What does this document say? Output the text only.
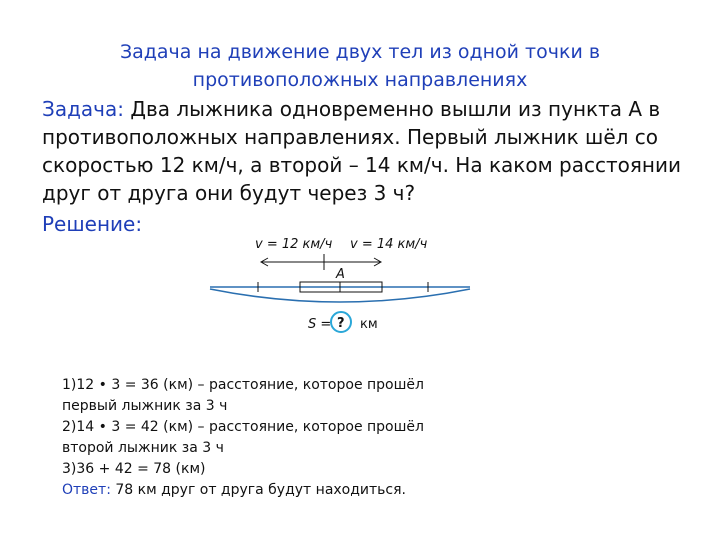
Задача на движение двух тел из одной точки в
противоположных направлениях
Задача: Два лыжника одновременно вышли из пункта А в
противоположных направлениях. Первый лыжник шёл со
скоростью 12 км/ч, а второй – 14 км/ч. На каком расстоянии
друг от друга они будут через 3 ч?
Решение:
v = 12 км/ч v = 14 км/ч
A
S = ? км
1)12 • 3 = 36 (км) – расстояние, которое прошёл
первый лыжник за 3 ч
2)14 • 3 = 42 (км) – расстояние, которое прошёл
второй лыжник за 3 ч
3)36 + 42 = 78 (км)
Ответ: 78 км друг от друга будут находиться.
